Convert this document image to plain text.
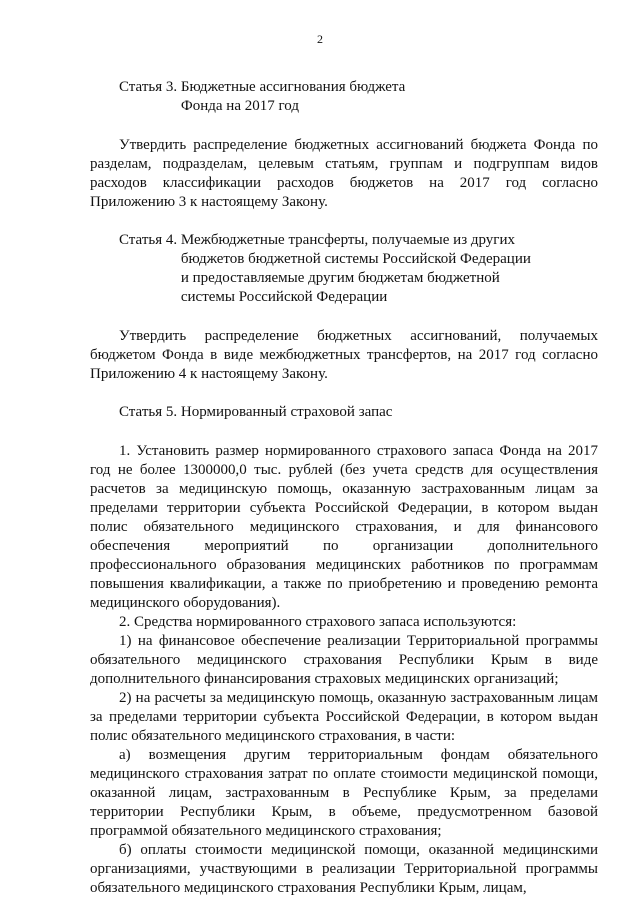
2
Статья 3. Бюджетные ассигнования бюджета
Фонда на 2017 год

Утвердить распределение бюджетных ассигнований бюджета Фонда по разделам, подразделам, целевым статьям, группам и подгруппам видов расходов классификации расходов бюджетов на 2017 год согласно Приложению 3 к настоящему Закону.

Статья 4. Межбюджетные трансферты, получаемые из других
бюджетов бюджетной системы Российской Федерации
и предоставляемые другим бюджетам бюджетной
системы Российской Федерации

Утвердить распределение бюджетных ассигнований, получаемых бюджетом Фонда в виде межбюджетных трансфертов, на 2017 год согласно Приложению 4 к настоящему Закону.

Статья 5. Нормированный страховой запас

1. Установить размер нормированного страхового запаса Фонда на 2017 год не более 1300000,0 тыс. рублей (без учета средств для осуществления расчетов за медицинскую помощь, оказанную застрахованным лицам за пределами территории субъекта Российской Федерации, в котором выдан полис обязательного медицинского страхования, и для финансового обеспечения мероприятий по организации дополнительного профессионального образования медицинских работников по программам повышения квалификации, а также по приобретению и проведению ремонта медицинского оборудования).

2. Средства нормированного страхового запаса используются:

1) на финансовое обеспечение реализации Территориальной программы обязательного медицинского страхования Республики Крым в виде дополнительного финансирования страховых медицинских организаций;

2) на расчеты за медицинскую помощь, оказанную застрахованным лицам за пределами территории субъекта Российской Федерации, в котором выдан полис обязательного медицинского страхования, в части:

а) возмещения другим территориальным фондам обязательного медицинского страхования затрат по оплате стоимости медицинской помощи, оказанной лицам, застрахованным в Республике Крым, за пределами территории Республики Крым, в объеме, предусмотренном базовой программой обязательного медицинского страхования;

б) оплаты стоимости медицинской помощи, оказанной медицинскими организациями, участвующими в реализации Территориальной программы обязательного медицинского страхования Республики Крым, лицам,
